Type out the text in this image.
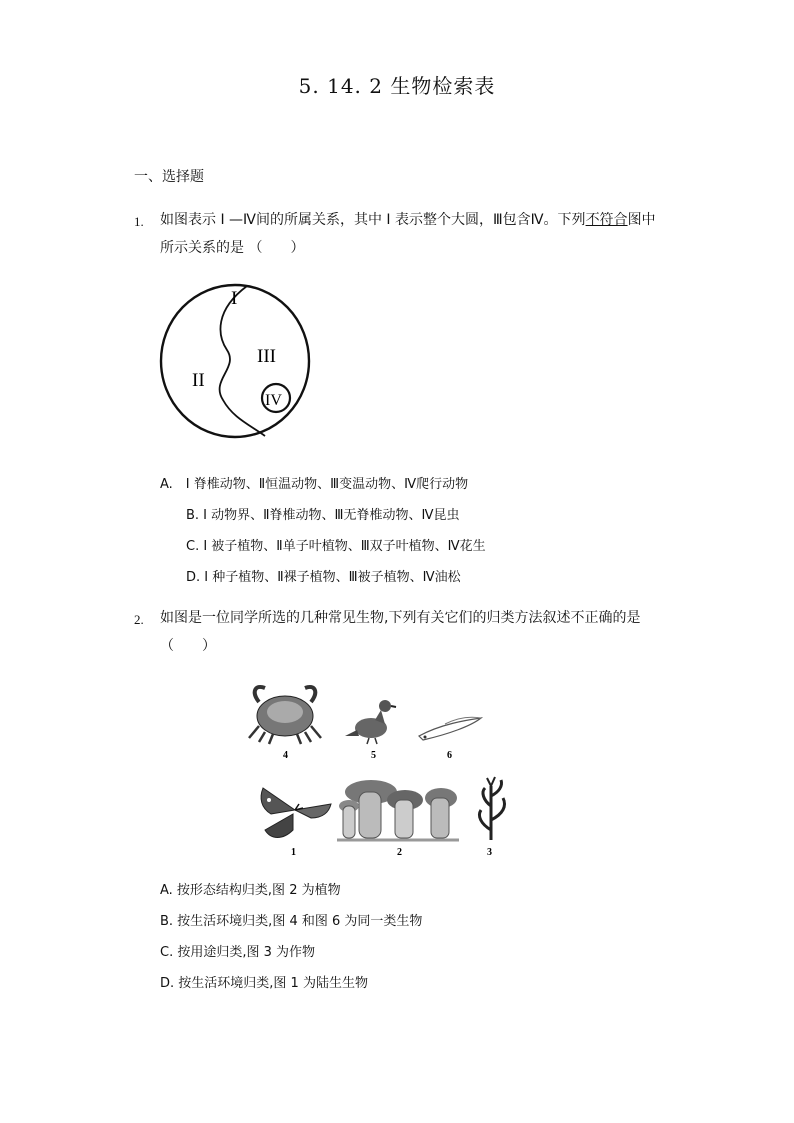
5. 14. 2 生物检索表
一、选择题
1. 如图表示 I —Ⅳ间的所属关系，其中 I 表示整个大圆，Ⅲ包含Ⅳ。下列不符合图中
所示关系的是 （　　）
I
II
III
IV
A.　I 脊椎动物、Ⅱ恒温动物、Ⅲ变温动物、Ⅳ爬行动物
B. I 动物界、Ⅱ脊椎动物、Ⅲ无脊椎动物、Ⅳ昆虫
C. I 被子植物、Ⅱ单子叶植物、Ⅲ双子叶植物、Ⅳ花生
D. I 种子植物、Ⅱ裸子植物、Ⅲ被子植物、Ⅳ油松
2. 如图是一位同学所选的几种常见生物,下列有关它们的归类方法叙述不正确的是
（　　）
4	5	6
1	2	3
A. 按形态结构归类,图 2 为植物
B. 按生活环境归类,图 4 和图 6 为同一类生物
C. 按用途归类,图 3 为作物
D. 按生活环境归类,图 1 为陆生生物
